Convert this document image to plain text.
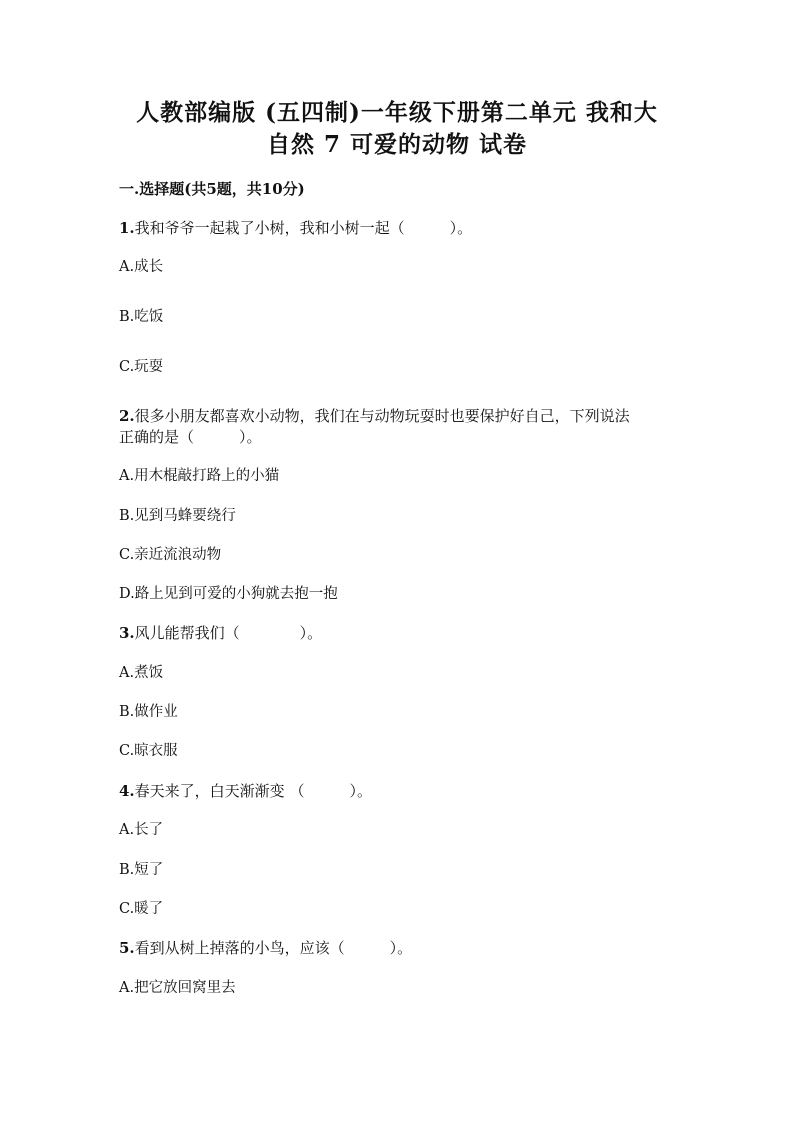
人教部编版 (五四制)一年级下册第二单元 我和大
自然 7 可爱的动物 试卷
一.选择题(共5题，共10分)
1.我和爷爷一起栽了小树，我和小树一起（　　　）。
A.成长
B.吃饭
C.玩耍
2.很多小朋友都喜欢小动物，我们在与动物玩耍时也要保护好自己，下列说法
正确的是（　　　）。
A.用木棍敲打路上的小猫
B.见到马蜂要绕行
C.亲近流浪动物
D.路上见到可爱的小狗就去抱一抱
3.风儿能帮我们（　　　　）。
A.煮饭
B.做作业
C.晾衣服
4.春天来了，白天渐渐变 （　　　）。
A.长了
B.短了
C.暖了
5.看到从树上掉落的小鸟，应该（　　　）。
A.把它放回窝里去
